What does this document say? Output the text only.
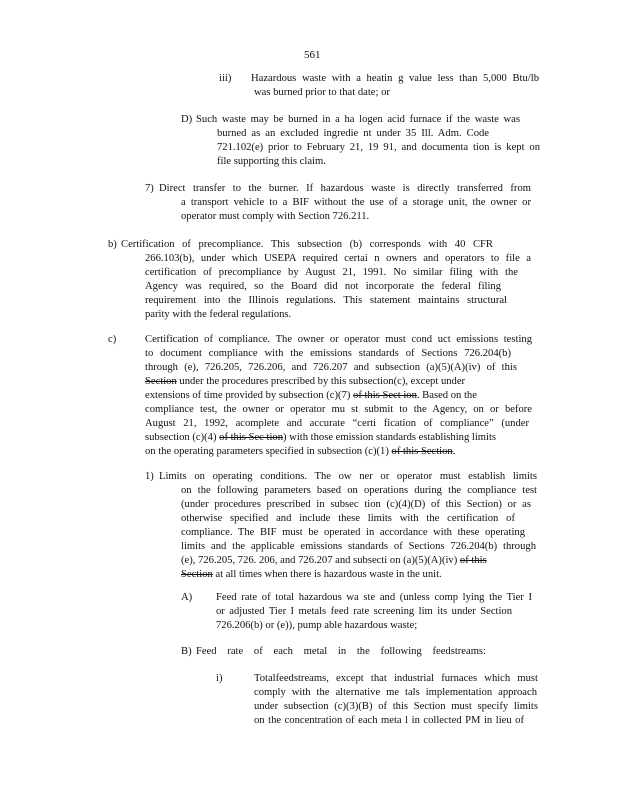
561
iii) Hazardous waste with a heatin g value less than 5,000 Btu/lb
was burned prior to that date; or
D) Such waste may be burned in a ha logen acid furnace if the waste was
burned as an excluded ingredie nt under 35 Ill. Adm. Code
721.102(e) prior to February 21, 19 91, and documenta tion is kept on
file supporting this claim.
7) Direct transfer to the burner. If hazardous waste is directly transferred from
a transport vehicle to a BIF without the use of a storage unit, the owner or
operator must comply with Section 726.211.
b) Certification of precompliance. This subsection (b) corresponds with 40 CFR
266.103(b), under which USEPA required certai n owners and operators to file a
certification of precompliance by August 21, 1991. No similar filing with the
Agency was required, so the Board did not incorporate the federal filing
requirement into the Illinois regulations. This statement maintains structural
parity with the federal regulations.
c)	Certification of compliance. The owner or operator must cond uct emissions testing
to document compliance with the emissions standards of Sections 726.204(b)
through (e), 726.205, 726.206, and 726.207 and subsection (a)(5)(A)(iv) of this
Section under the procedures prescribed by this subsection(c), except under
extensions of time provided by subsection (c)(7) of this Sect ion. Based on the
compliance test, the owner or operator mu st submit to the Agency, on or before
August 21, 1992, acomplete and accurate “certi fication of compliance” (under
subsection (c)(4) of this Sec tion) with those emission standards establishing limits
on the operating parameters specified in subsection (c)(1) of this Section.
1) Limits on operating conditions. The ow ner or operator must establish limits
on the following parameters based on operations during the compliance test
(under procedures prescribed in subsec tion (c)(4)(D) of this Section) or as
otherwise specified and include these limits with the certification of
compliance. The BIF must be operated in accordance with these operating
limits and the applicable emissions standards of Sections 726.204(b) through
(e), 726.205, 726. 206, and 726.207 and subsecti on (a)(5)(A)(iv) of this
Section at all times when there is hazardous waste in the unit.
A) Feed rate of total hazardous wa ste and (unless comp lying the Tier I
or adjusted Tier I metals feed rate screening lim its under Section
726.206(b) or (e)), pump able hazardous waste;
B) Feed rate of each metal in the following feedstreams:
i)	Totalfeedstreams, except that industrial furnaces which must
comply with the alternative me tals implementation approach
under subsection (c)(3)(B) of this Section must specify limits
on the concentration of each meta l in collected PM in lieu of
